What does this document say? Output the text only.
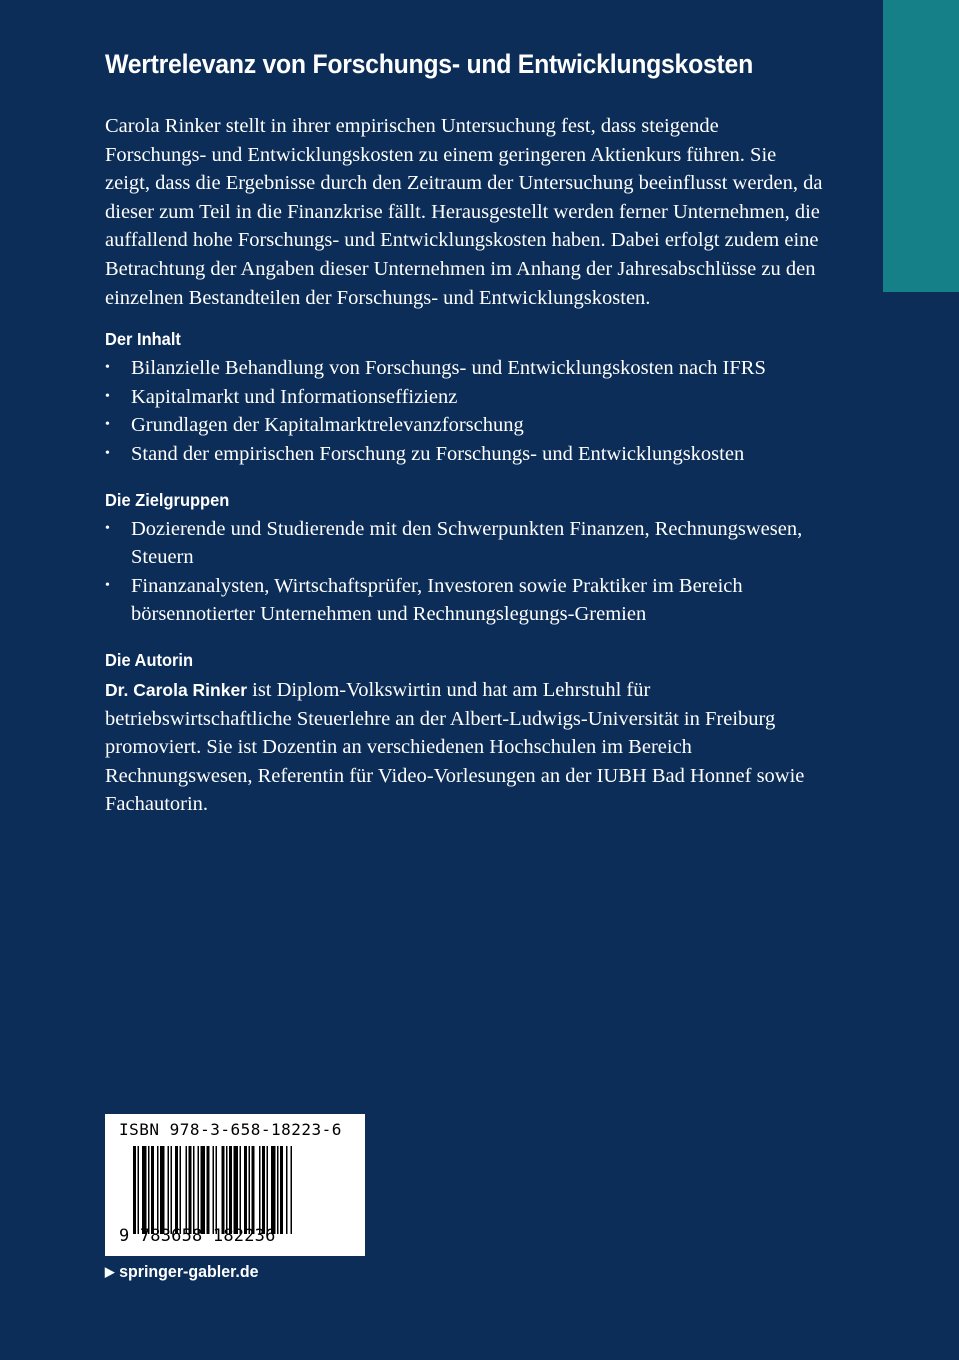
Wertrelevanz von Forschungs- und Entwicklungskosten

Carola Rinker stellt in ihrer empirischen Untersuchung fest, dass steigende Forschungs- und Entwicklungskosten zu einem geringeren Aktienkurs führen. Sie zeigt, dass die Ergebnisse durch den Zeitraum der Untersuchung beeinflusst werden, da dieser zum Teil in die Finanzkrise fällt. Herausgestellt werden ferner Unternehmen, die auffallend hohe Forschungs- und Entwicklungskosten haben. Dabei erfolgt zudem eine Betrachtung der Angaben dieser Unternehmen im Anhang der Jahresabschlüsse zu den einzelnen Bestandteilen der Forschungs- und Entwicklungskosten.

Der Inhalt
• Bilanzielle Behandlung von Forschungs- und Entwicklungskosten nach IFRS
• Kapitalmarkt und Informationseffizienz
• Grundlagen der Kapitalmarktrelevanzforschung
• Stand der empirischen Forschung zu Forschungs- und Entwicklungskosten
Die Zielgruppen
• Dozierende und Studierende mit den Schwerpunkten Finanzen, Rechnungswesen, Steuern
• Finanzanalysten, Wirtschaftsprüfer, Investoren sowie Praktiker im Bereich börsennotierter Unternehmen und Rechnungslegungs-Gremien
Die Autorin

Dr. Carola Rinker ist Diplom-Volkswirtin und hat am Lehrstuhl für betriebswirtschaftliche Steuerlehre an der Albert-Ludwigs-Universität in Freiburg promoviert. Sie ist Dozentin an verschiedenen Hochschulen im Bereich Rechnungswesen, Referentin für Video-Vorlesungen an der IUBH Bad Honnef sowie Fachautorin.

ISBN 978-3-658-18223-6
9 783658 182236
▶ springer-gabler.de
